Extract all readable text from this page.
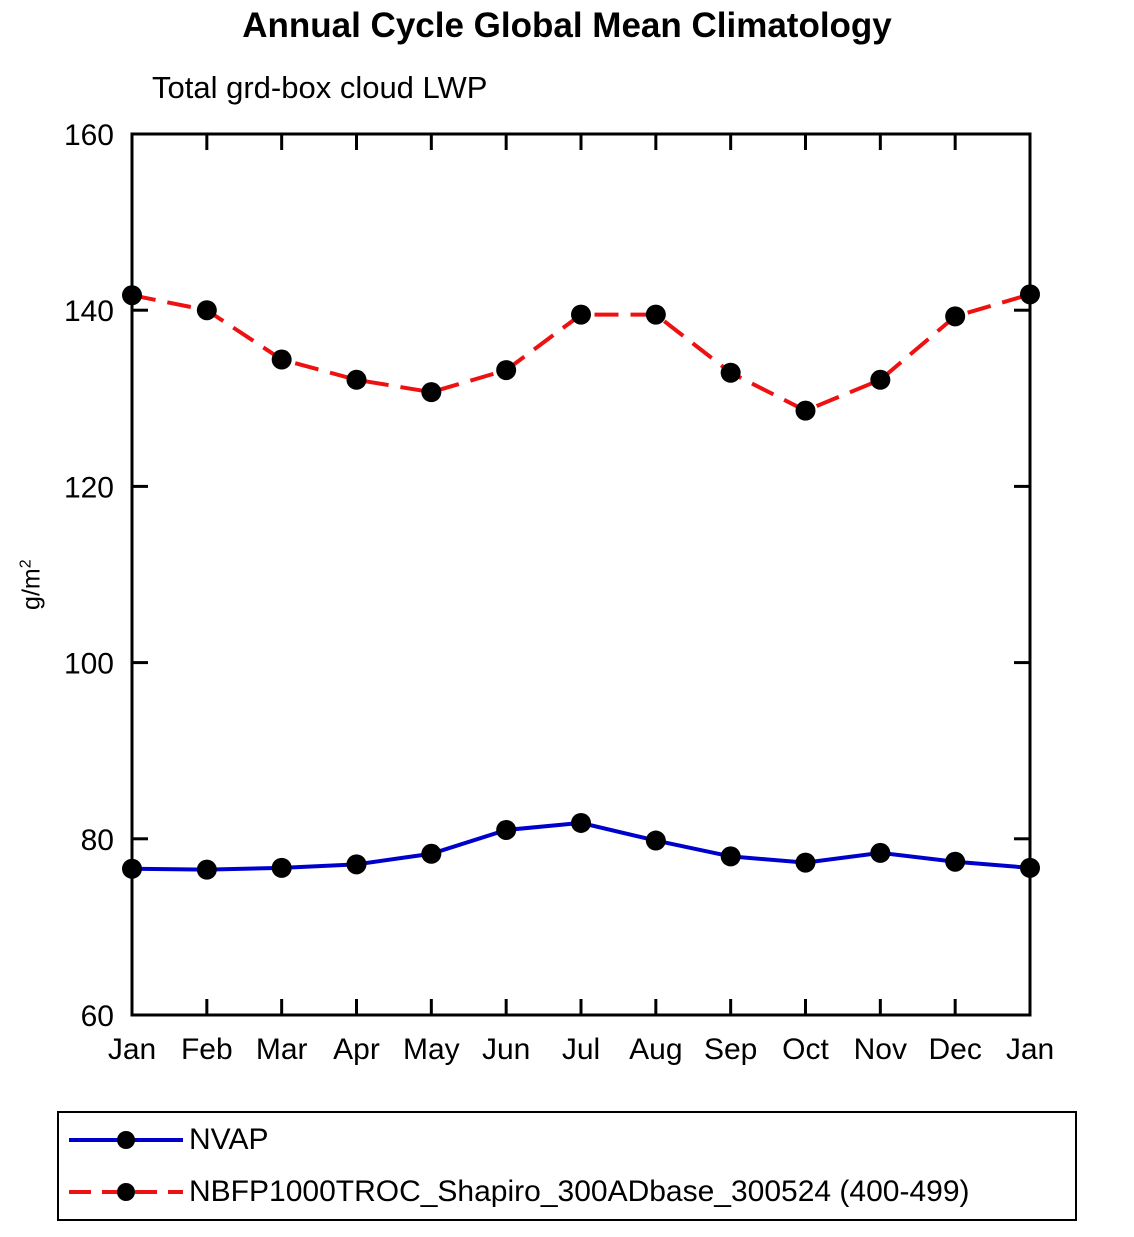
Annual Cycle Global Mean Climatology
Total grd-box cloud LWP
$g/m^2$
Jan Feb Mar Apr May Jun Jul Aug Sep Oct Nov Dec Jan
60
80
100
120
140
160
NVAP
NBFP1000TROC_Shapiro_300ADbase_300524 (400-499)
